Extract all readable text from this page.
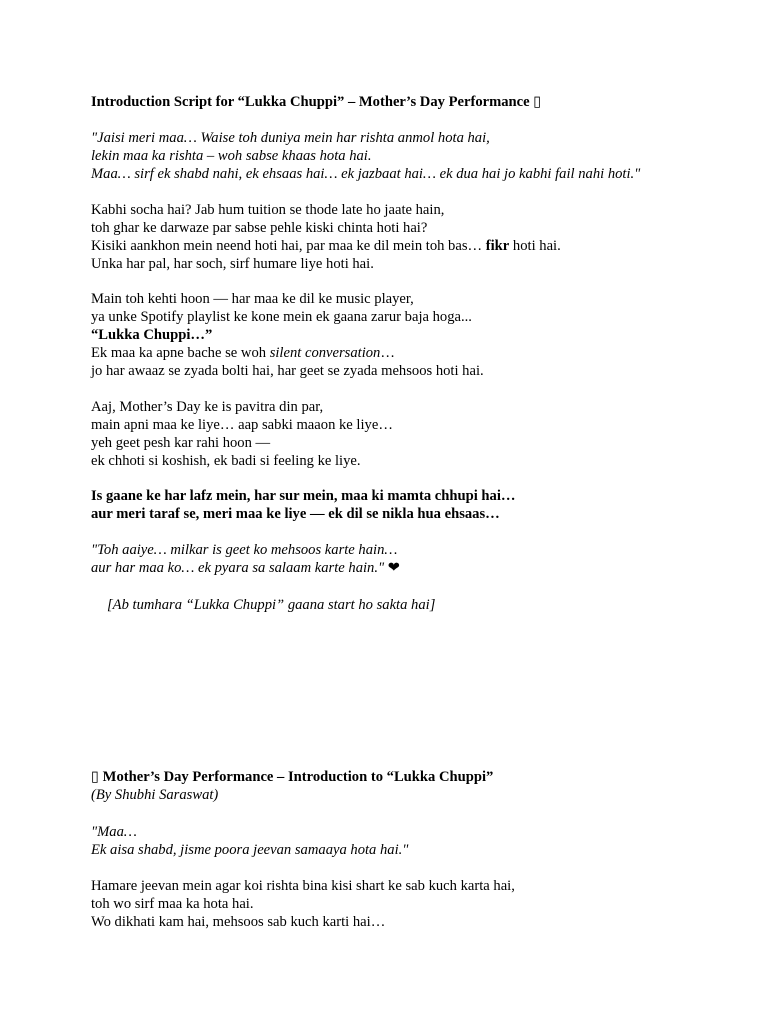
Introduction Script for “Lukka Chuppi” – Mother’s Day Performance ▯
"Jaisi meri maa… Waise toh duniya mein har rishta anmol hota hai,
lekin maa ka rishta – woh sabse khaas hota hai.
Maa… sirf ek shabd nahi, ek ehsaas hai… ek jazbaat hai… ek dua hai jo kabhi fail nahi hoti."
Kabhi socha hai? Jab hum tuition se thode late ho jaate hain,
toh ghar ke darwaze par sabse pehle kiski chinta hoti hai?
Kisiki aankhon mein neend hoti hai, par maa ke dil mein toh bas… fikr hoti hai.
Unka har pal, har soch, sirf humare liye hoti hai.
Main toh kehti hoon — har maa ke dil ke music player,
ya unke Spotify playlist ke kone mein ek gaana zarur baja hoga...
“Lukka Chuppi…”
Ek maa ka apne bache se woh silent conversation…
jo har awaaz se zyada bolti hai, har geet se zyada mehsoos hoti hai.
Aaj, Mother’s Day ke is pavitra din par,
main apni maa ke liye… aap sabki maaon ke liye…
yeh geet pesh kar rahi hoon —
ek chhoti si koshish, ek badi si feeling ke liye.
Is gaane ke har lafz mein, har sur mein, maa ki mamta chhupi hai…
aur meri taraf se, meri maa ke liye — ek dil se nikla hua ehsaas…
"Toh aaiye… milkar is geet ko mehsoos karte hain…
aur har maa ko… ek pyara sa salaam karte hain." ❤
[Ab tumhara “Lukka Chuppi” gaana start ho sakta hai]
▯ Mother’s Day Performance – Introduction to “Lukka Chuppi”
(By Shubhi Saraswat)
"Maa…
Ek aisa shabd, jisme poora jeevan samaaya hota hai."
Hamare jeevan mein agar koi rishta bina kisi shart ke sab kuch karta hai,
toh wo sirf maa ka hota hai.
Wo dikhati kam hai, mehsoos sab kuch karti hai…
